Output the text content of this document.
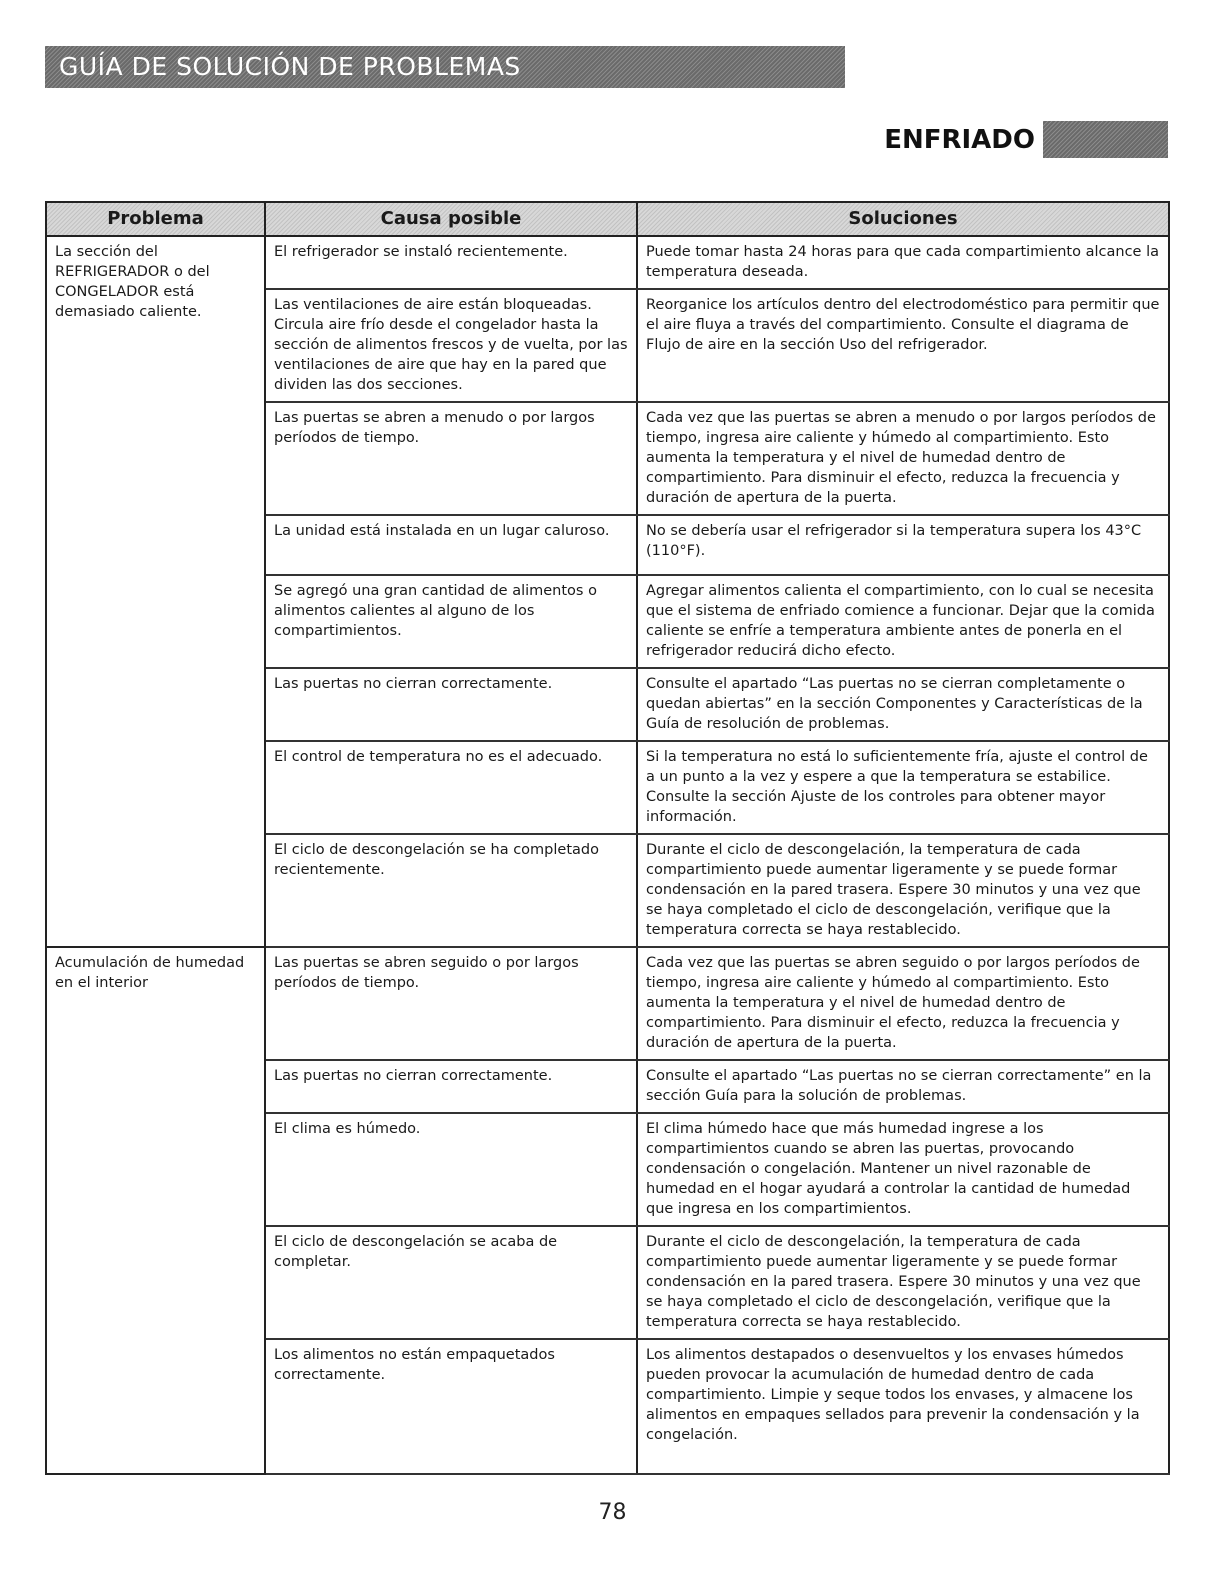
GUÍA DE SOLUCIÓN DE PROBLEMAS
ENFRIADO
Problema	Causa posible	Soluciones
La sección del REFRIGERADOR o del CONGELADOR está demasiado caliente.	El refrigerador se instaló recientemente.	Puede tomar hasta 24 horas para que cada compartimiento alcance la temperatura deseada.
	Las ventilaciones de aire están bloqueadas. Circula aire frío desde el congelador hasta la sección de alimentos frescos y de vuelta, por las ventilaciones de aire que hay en la pared que dividen las dos secciones.	Reorganice los artículos dentro del electrodoméstico para permitir que el aire fluya a través del compartimiento. Consulte el diagrama de Flujo de aire en la sección Uso del refrigerador.
	Las puertas se abren a menudo o por largos períodos de tiempo.	Cada vez que las puertas se abren a menudo o por largos períodos de tiempo, ingresa aire caliente y húmedo al compartimiento. Esto aumenta la temperatura y el nivel de humedad dentro de compartimiento. Para disminuir el efecto, reduzca la frecuencia y duración de apertura de la puerta.
	La unidad está instalada en un lugar caluroso.	No se debería usar el refrigerador si la temperatura supera los 43°C (110°F).
	Se agregó una gran cantidad de alimentos o alimentos calientes al alguno de los compartimientos.	Agregar alimentos calienta el compartimiento, con lo cual se necesita que el sistema de enfriado comience a funcionar. Dejar que la comida caliente se enfríe a temperatura ambiente antes de ponerla en el refrigerador reducirá dicho efecto.
	Las puertas no cierran correctamente.	Consulte el apartado “Las puertas no se cierran completamente o quedan abiertas” en la sección Componentes y Características de la Guía de resolución de problemas.
	El control de temperatura no es el adecuado.	Si la temperatura no está lo suficientemente fría, ajuste el control de a un punto a la vez y espere a que la temperatura se estabilice. Consulte la sección Ajuste de los controles para obtener mayor información.
	El ciclo de descongelación se ha completado recientemente.	Durante el ciclo de descongelación, la temperatura de cada compartimiento puede aumentar ligeramente y se puede formar condensación en la pared trasera. Espere 30 minutos y una vez que se haya completado el ciclo de descongelación, verifique que la temperatura correcta se haya restablecido.
Acumulación de humedad en el interior	Las puertas se abren seguido o por largos períodos de tiempo.	Cada vez que las puertas se abren seguido o por largos períodos de tiempo, ingresa aire caliente y húmedo al compartimiento. Esto aumenta la temperatura y el nivel de humedad dentro de compartimiento. Para disminuir el efecto, reduzca la frecuencia y duración de apertura de la puerta.
	Las puertas no cierran correctamente.	Consulte el apartado “Las puertas no se cierran correctamente” en la sección Guía para la solución de problemas.
	El clima es húmedo.	El clima húmedo hace que más humedad ingrese a los compartimientos cuando se abren las puertas, provocando condensación o congelación. Mantener un nivel razonable de humedad en el hogar ayudará a controlar la cantidad de humedad que ingresa en los compartimientos.
	El ciclo de descongelación se acaba de completar.	Durante el ciclo de descongelación, la temperatura de cada compartimiento puede aumentar ligeramente y se puede formar condensación en la pared trasera. Espere 30 minutos y una vez que se haya completado el ciclo de descongelación, verifique que la temperatura correcta se haya restablecido.
	Los alimentos no están empaquetados correctamente.	Los alimentos destapados o desenvueltos y los envases húmedos pueden provocar la acumulación de humedad dentro de cada compartimiento. Limpie y seque todos los envases, y almacene los alimentos en empaques sellados para prevenir la condensación y la congelación.
78
